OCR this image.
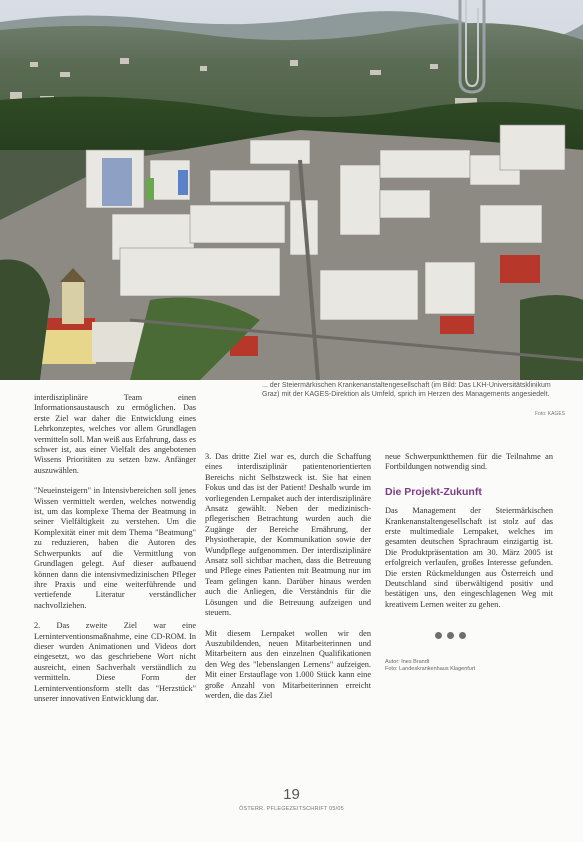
... der Steiermärkischen Krankenanstaltengesellschaft (im Bild: Das LKH-Universitätsklinikum Graz) mit der KAGES-Direktion als Umfeld, sprich im Herzen des Managements angesiedelt.
Foto: KAGES

interdisziplinäre Team einen Informationsaustausch zu ermöglichen. Das erste Ziel war daher die Entwicklung eines Lehrkonzeptes, welches vor allem Grundlagen vermitteln soll. Man weiß aus Erfahrung, dass es schwer ist, aus einer Vielfalt des angebotenen Wissens Prioritäten zu setzen bzw. Anfänger auszuwählen.

"Neueinsteigern" in Intensivbereichen soll jenes Wissen vermittelt werden, welches notwendig ist, um das komplexe Thema der Beatmung in seiner Vielfältigkeit zu verstehen. Um die Komplexität einer mit dem Thema "Beatmung" zu reduzieren, haben die Autoren des Schwerpunkts auf die Vermittlung von Grundlagen gelegt. Auf dieser aufbauend können dann die intensivmedizinischen Pfleger ihre Praxis und eine weiterführende und vertiefende Literatur verständlicher nachvollziehen.

2. Das zweite Ziel war eine Lerninterventionsmaßnahme, eine CD-ROM. In dieser wurden Animationen und Videos dort eingesetzt, wo das geschriebene Wort nicht ausreicht, einen Sachverhalt verständlich zu vermitteln. Diese Form der Lerninterventionsform stellt das "Herzstück" unserer innovativen Entwicklung dar.

3. Das dritte Ziel war es, durch die Schaffung eines interdisziplinär patientenorientierten Bereichs nicht Selbstzweck ist. Sie hat einen Fokus und das ist der Patient! Deshalb wurde im vorliegenden Lernpaket auch der interdisziplinäre Ansatz gewählt. Neben der medizinisch-pflegerischen Betrachtung wurden auch die Zugänge der Bereiche Ernährung, der Physiotherapie, der Kommunikation sowie der Wundpflege aufgenommen. Der interdisziplinäre Ansatz soll sichtbar machen, dass die Betreuung und Pflege eines Patienten mit Beatmung nur im Team gelingen kann. Darüber hinaus werden auch die Anliegen, die Verständnis für die Lösungen und die Betreuung aufzeigen und steuern.

Mit diesem Lernpaket wollen wir den Auszubildenden, neuen Mitarbeiterinnen und Mitarbeitern aus den einzelnen Qualifikationen den Weg des "lebenslangen Lernens" aufzeigen. Mit einer Erstauflage von 1.000 Stück kann eine große Anzahl von Mitarbeiterinnen erreicht werden, die das Ziel

neue Schwerpunktthemen für die Teilnahme an Fortbildungen notwendig sind.

Die Projekt-Zukunft

Das Management der Steiermärkischen Krankenanstaltengesellschaft ist stolz auf das erste multimediale Lernpaket, welches im gesamten deutschen Sprachraum einzigartig ist. Die Produktpräsentation am 30. März 2005 ist erfolgreich verlaufen, großes Interesse gefunden. Die ersten Rückmeldungen aus Österreich und Deutschland sind überwältigend positiv und bestätigen uns, den eingeschlagenen Weg mit kreativem Lernen weiter zu gehen.

Autor: Ines Brandt
Foto: Landeskrankenhaus Klagenfurt
19
ÖSTERR. PFLEGEZEITSCHRIFT 05/05
